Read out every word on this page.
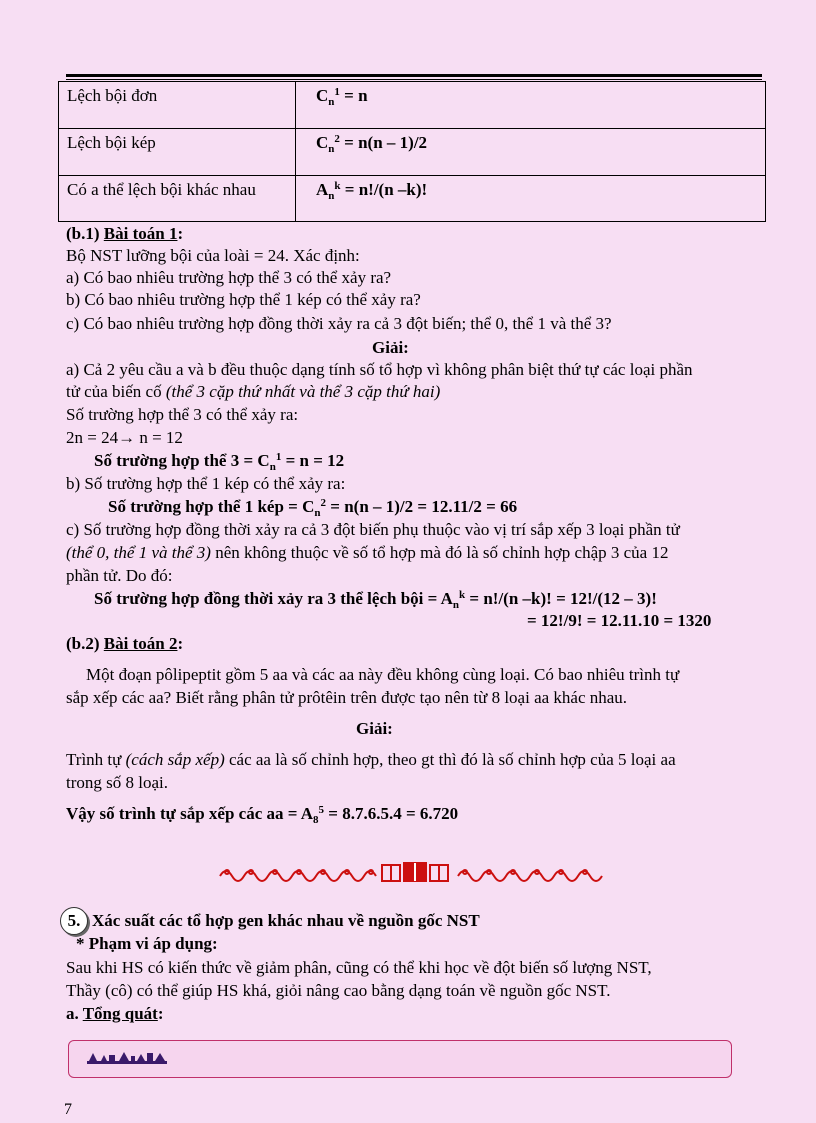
Lệch bội đơn	$C_n^1 = n$
Lệch bội kép	$C_n^2 = n(n - 1)/2$
Có a thể lệch bội khác nhau	$A_n^k = n!/(n$ –k)!
(b.1) Bài toán 1:
Bộ NST lưỡng bội của loài = 24. Xác định:
a) Có bao nhiêu trường hợp thể 3 có thể xảy ra?
b) Có bao nhiêu trường hợp thể 1 kép có thể xảy ra?
c) Có bao nhiêu trường hợp đồng thời xảy ra cả 3 đột biến; thể 0, thể 1 và thể 3?
Giải:
a) Cả 2 yêu cầu a và b đều thuộc dạng tính số tổ hợp vì không phân biệt thứ tự các loại phần
tử của biến cố (thể 3 cặp thứ nhất và thể 3 cặp thứ hai)
Số trường hợp thể 3 có thể xảy ra:
2n = 24→ n = 12
Số trường hợp thể $3 = C_n^1 = n = 12$
b) Số trường hợp thể 1 kép có thể xảy ra:
Số trường hợp thể 1 kép = $C_n^2 = n(n - 1)/2 = 12.11/2 = 66$
c) Số trường hợp đồng thời xảy ra cả 3 đột biến phụ thuộc vào vị trí sắp xếp 3 loại phần tử
(thể 0, thể 1 và thể 3) nên không thuộc về số tổ hợp mà đó là số chỉnh hợp chập 3 của 12
phần tử. Do đó:
Số trường hợp đồng thời xảy ra 3 thể lệch bội = $A_n^k = n!/(n$ –k)! = 12!/(12 – 3)!
= 12!/9! = 12.11.10 = 1320
(b.2) Bài toán 2:
Một đoạn pôlipeptit gồm 5 aa và các aa này đều không cùng loại. Có bao nhiêu trình tự
sắp xếp các aa? Biết rằng phân tử prôtêin trên được tạo nên từ 8 loại aa khác nhau.
Giải:
Trình tự (cách sắp xếp) các aa là số chỉnh hợp, theo gt thì đó là số chỉnh hợp của 5 loại aa
trong số 8 loại.
Vậy số trình tự sắp xếp các aa = $A_8^5 = 8.7.6.5.4 = 6.720$
5. Xác suất các tổ hợp gen khác nhau về nguồn gốc NST
* Phạm vi áp dụng:
Sau khi HS có kiến thức về giảm phân, cũng có thể khi học về đột biến số lượng NST,
Thầy (cô) có thể giúp HS khá, giỏi nâng cao bằng dạng toán về nguồn gốc NST.
a. Tổng quát:
7
